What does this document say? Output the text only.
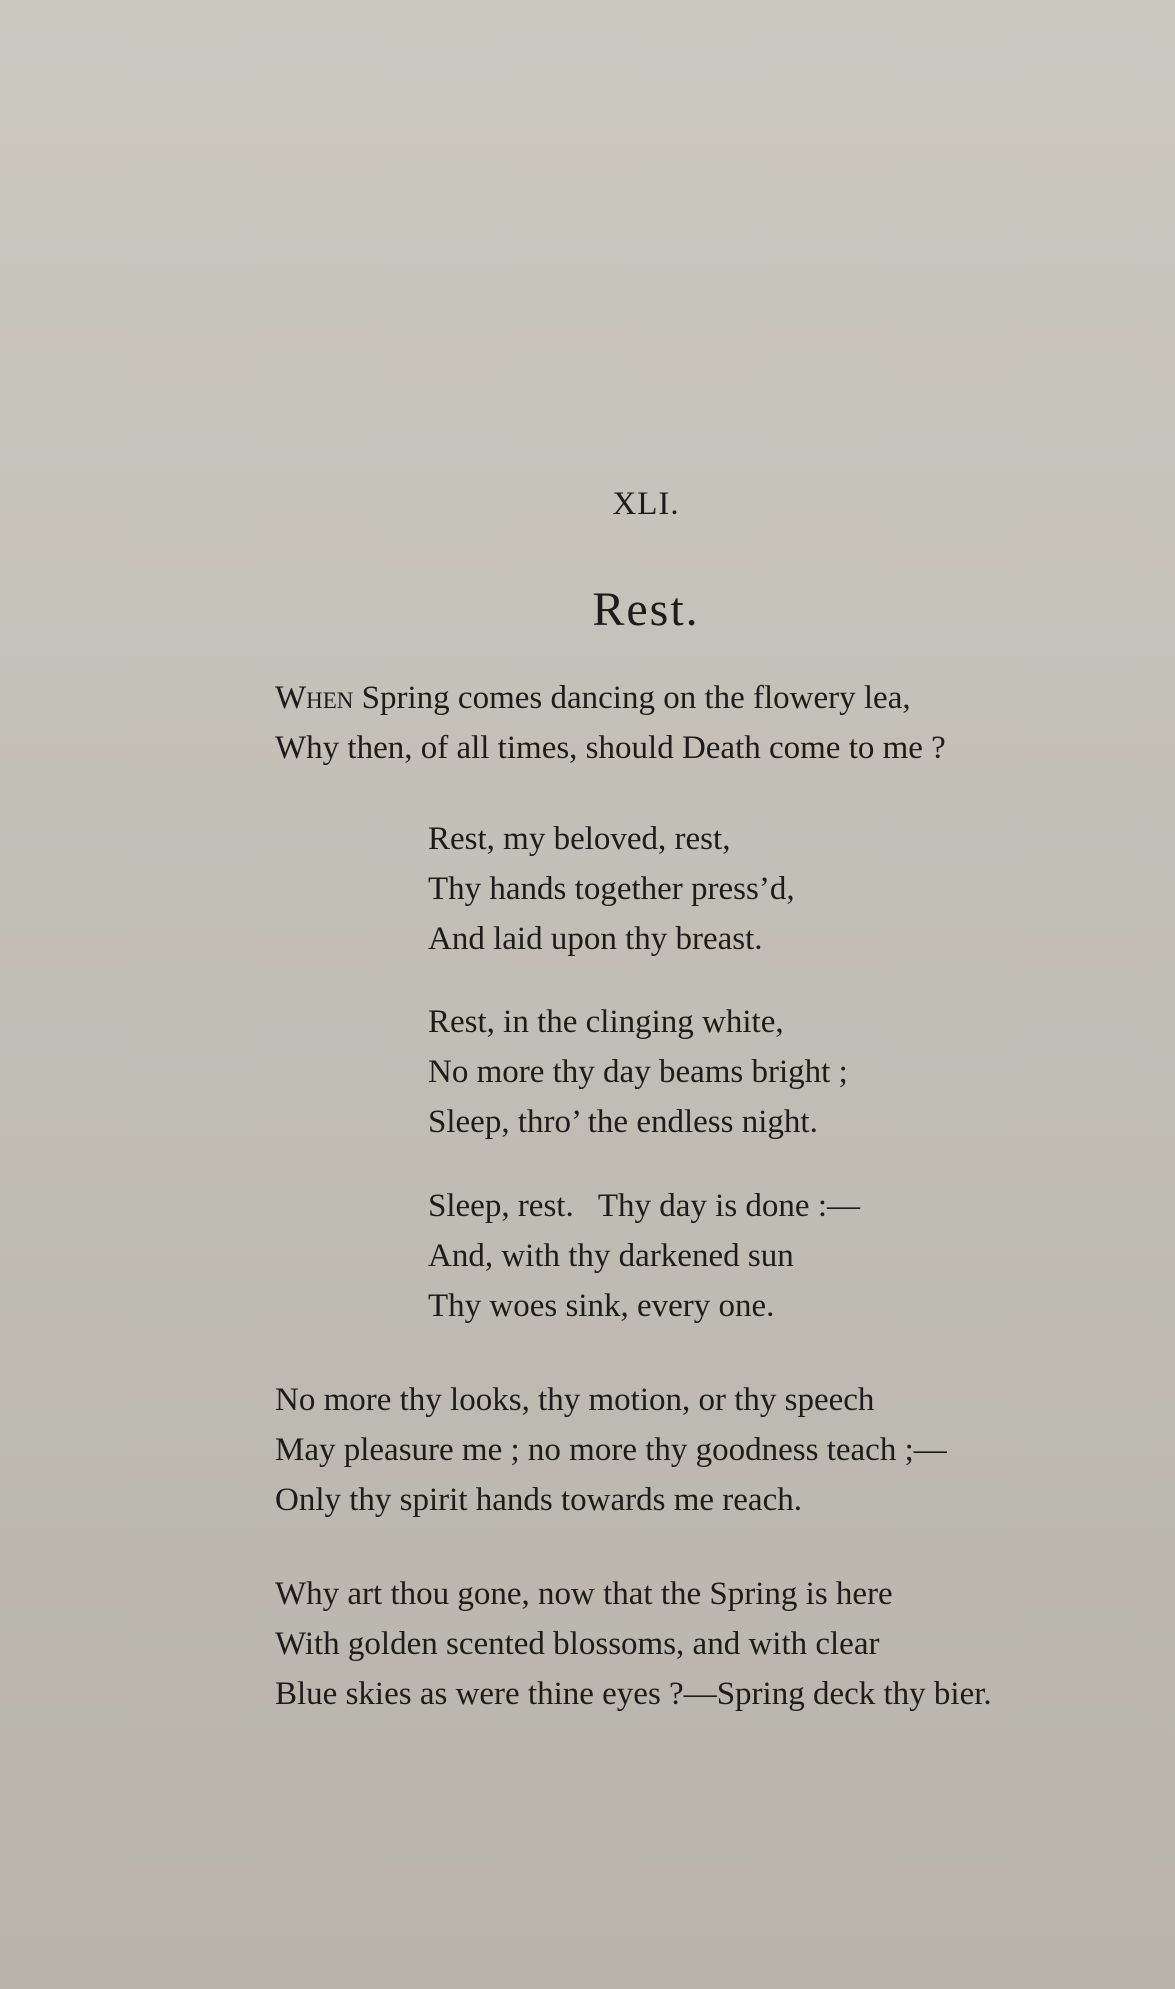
XLI.

Rest.

When Spring comes dancing on the flowery lea,

Why then, of all times, should Death come to me ?

Rest, my beloved, rest,

Thy hands together press’d,

And laid upon thy breast.

Rest, in the clinging white,

No more thy day beams bright ;

Sleep, thro’ the endless night.

Sleep, rest.   Thy day is done :—

And, with thy darkened sun

Thy woes sink, every one.

No more thy looks, thy motion, or thy speech

May pleasure me ; no more thy goodness teach ;—

Only thy spirit hands towards me reach.

Why art thou gone, now that the Spring is here

With golden scented blossoms, and with clear

Blue skies as were thine eyes ?—Spring deck thy bier.
